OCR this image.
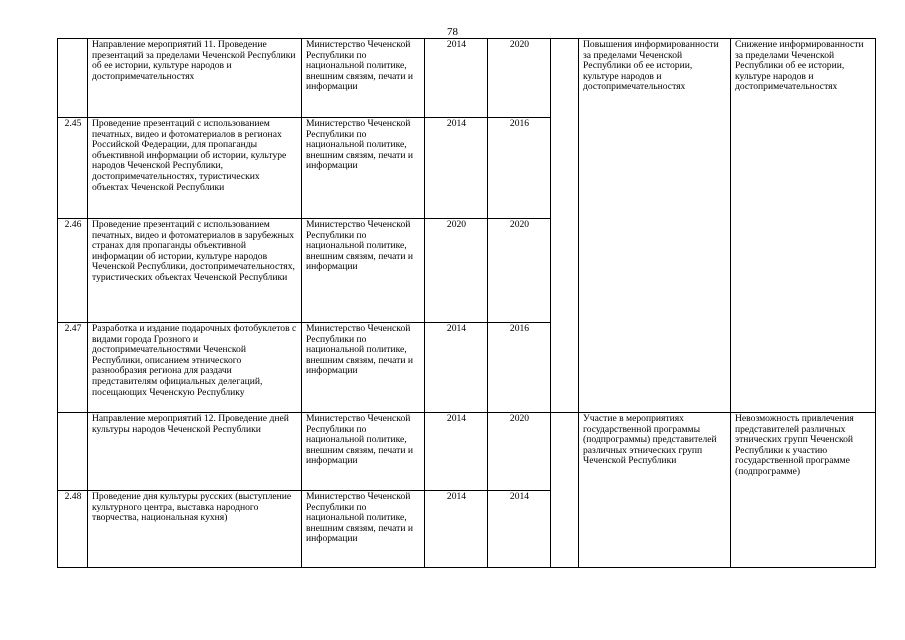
78
	Направление мероприятий 11. Проведение презентаций за пределами Чеченской Республики об ее истории, культуре народов и достопримечательностях	Министерство Чеченской Республики по национальной политике, внешним связям, печати и информации	2014	2020		Повышения информированности за пределами Чеченской Республики об ее истории, культуре народов и достопримечательностях	Снижение информированности за пределами Чеченской Республики об ее истории, культуре народов и достопримечательностях
2.45	Проведение презентаций с использованием печатных, видео и фотоматериалов в регионах Российской Федерации, для пропаганды объективной информации об истории, культуре народов Чеченской Республики, достопримечательностях, туристических объектах Чеченской Республики	Министерство Чеченской Республики по национальной политике, внешним связям, печати и информации	2014	2016			
2.46	Проведение презентаций с использованием печатных, видео и фотоматериалов в зарубежных странах для пропаганды объективной информации об истории, культуре народов Чеченской Республики, достопримечательностях, туристических объектах Чеченской Республики	Министерство Чеченской Республики по национальной политике, внешним связям, печати и информации	2020	2020			
2.47	Разработка и издание подарочных фотобуклетов с видами города Грозного и достопримечательностями Чеченской Республики, описанием этнического разнообразия региона для раздачи представителям официальных делегаций, посещающих Чеченскую Республику	Министерство Чеченской Республики по национальной политике, внешним связям, печати и информации	2014	2016			
	Направление мероприятий 12. Проведение дней культуры народов Чеченской Республики	Министерство Чеченской Республики по национальной политике, внешним связям, печати и информации	2014	2020		Участие в мероприятиях государственной программы (подпрограммы) представителей различных этнических групп Чеченской Республики	Невозможность привлечения представителей различных этнических групп Чеченской Республики к участию государственной программе (подпрограмме)
2.48	Проведение дня культуры русских (выступление культурного центра, выставка народного творчества, национальная кухня)	Министерство Чеченской Республики по национальной политике, внешним связям, печати и информации	2014	2014			
